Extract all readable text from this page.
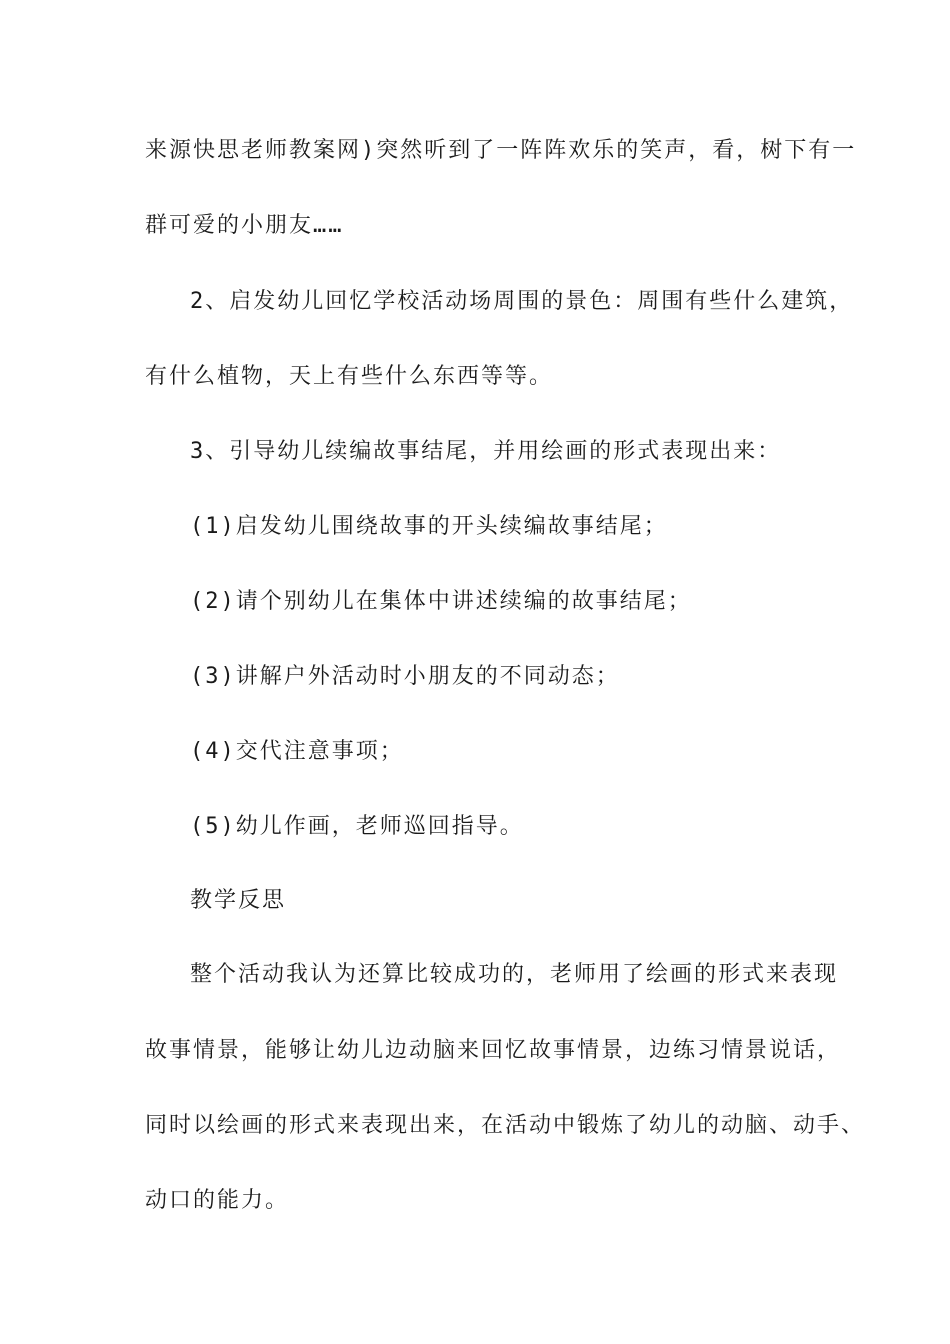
来源快思老师教案网)突然听到了一阵阵欢乐的笑声，看，树下有一
群可爱的小朋友……
2、启发幼儿回忆学校活动场周围的景色：周围有些什么建筑，
有什么植物，天上有些什么东西等等。
3、引导幼儿续编故事结尾，并用绘画的形式表现出来：
(1)启发幼儿围绕故事的开头续编故事结尾；
(2)请个别幼儿在集体中讲述续编的故事结尾；
(3)讲解户外活动时小朋友的不同动态；
(4)交代注意事项；
(5)幼儿作画，老师巡回指导。
教学反思
整个活动我认为还算比较成功的，老师用了绘画的形式来表现
故事情景，能够让幼儿边动脑来回忆故事情景，边练习情景说话，
同时以绘画的形式来表现出来，在活动中锻炼了幼儿的动脑、动手、
动口的能力。
